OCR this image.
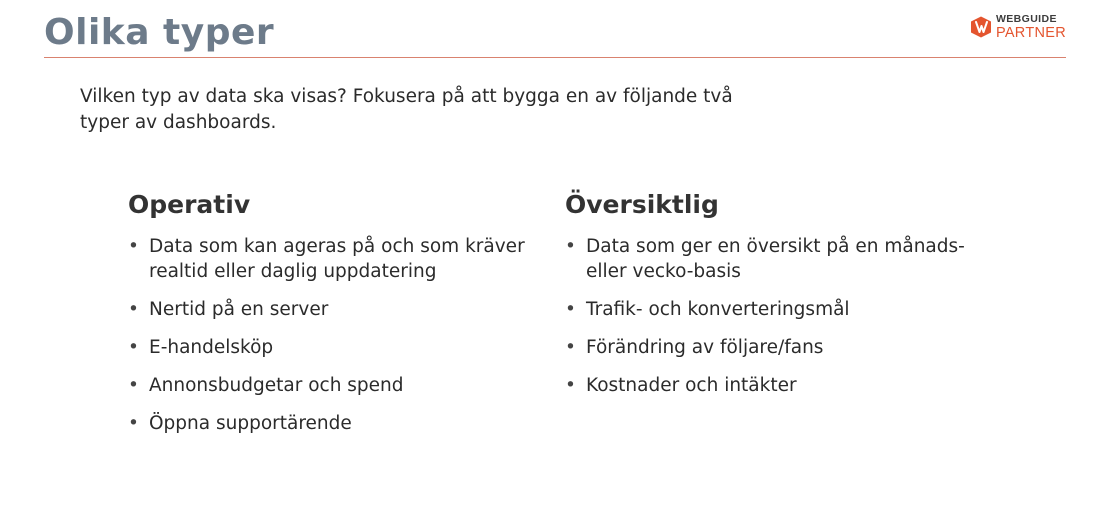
Olika typer	WEBGUIDE
PARTNER
Vilken typ av data ska visas? Fokusera på att bygga en av följande två typer av dashboards.
Operativ
• Data som kan ageras på och som kräver realtid eller daglig uppdatering
• Nertid på en server
• E-handelsköp
• Annonsbudgetar och spend
• Öppna supportärende
Översiktlig
• Data som ger en översikt på en månads- eller vecko-basis
• Trafik- och konverteringsmål
• Förändring av följare/fans
• Kostnader och intäkter
